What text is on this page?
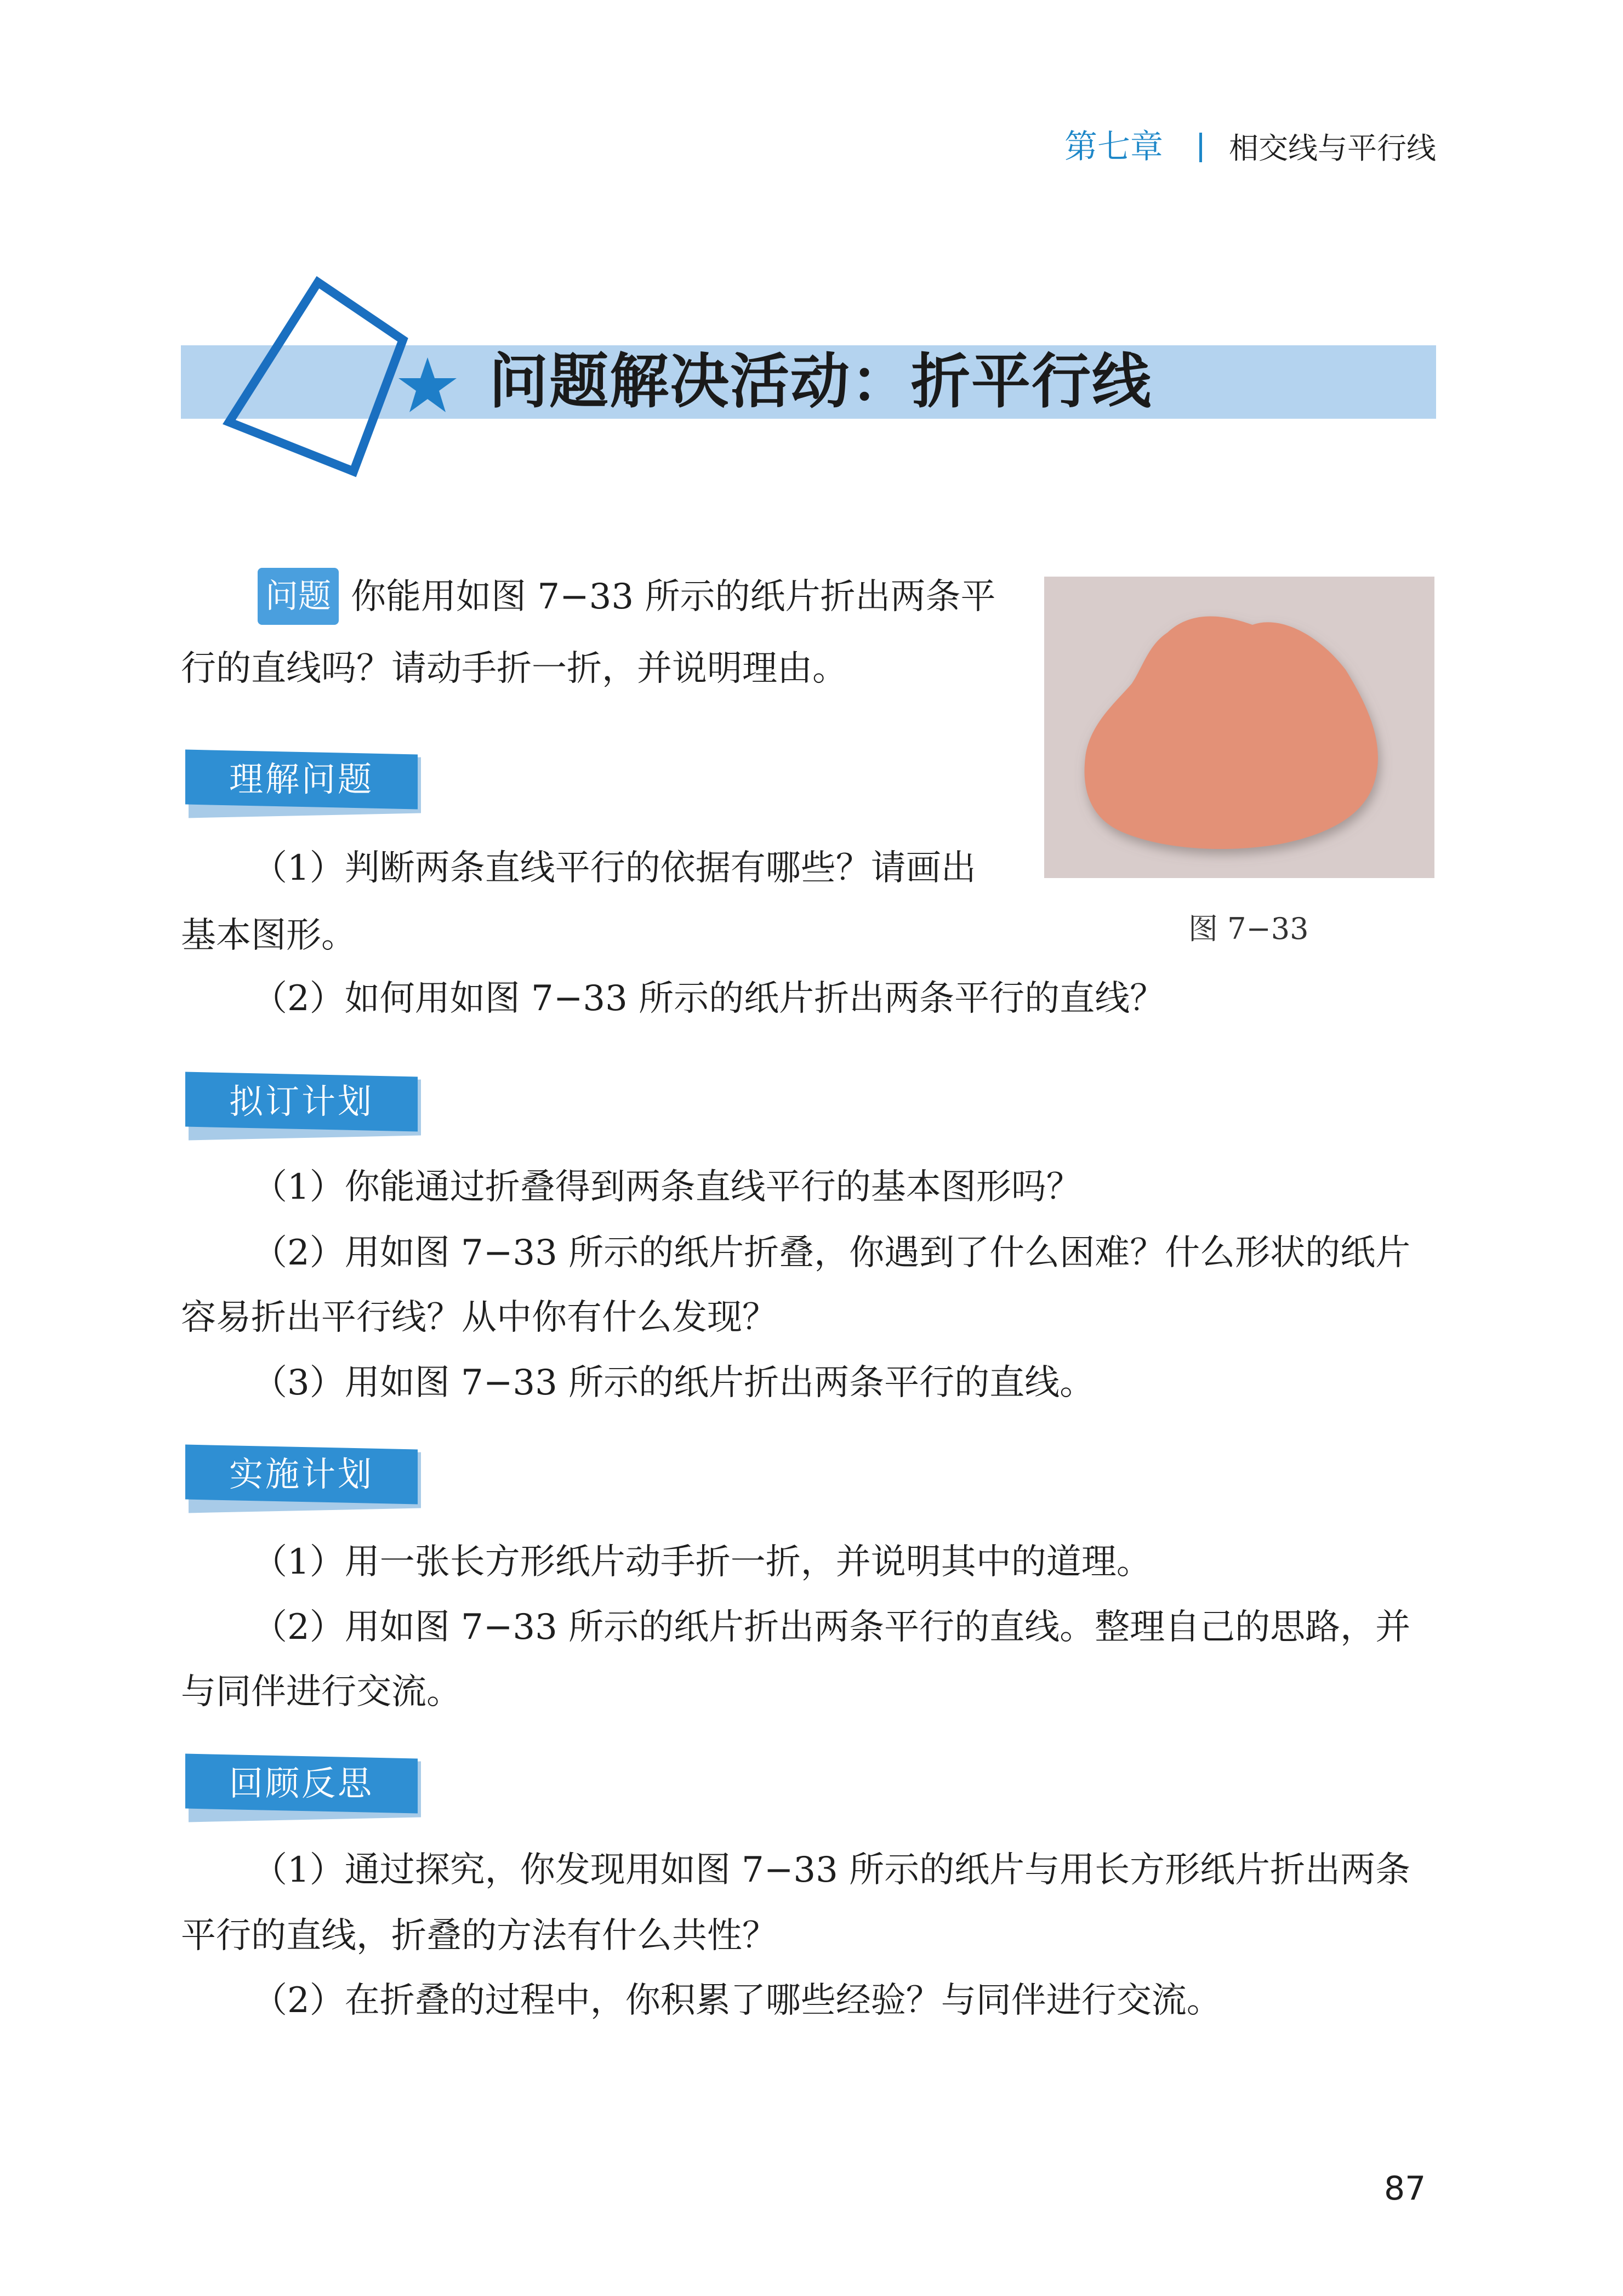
第七章 相交线与平行线
问题解决活动：折平行线
问题 你能用如图 7−33 所示的纸片折出两条平
行的直线吗？请动手折一折，并说明理由。
图 7−33
理解问题
（1）判断两条直线平行的依据有哪些？请画出
基本图形。
（2）如何用如图 7−33 所示的纸片折出两条平行的直线？
拟订计划
（1）你能通过折叠得到两条直线平行的基本图形吗？
（2）用如图 7−33 所示的纸片折叠，你遇到了什么困难？什么形状的纸片
容易折出平行线？从中你有什么发现？
（3）用如图 7−33 所示的纸片折出两条平行的直线。
实施计划
（1）用一张长方形纸片动手折一折，并说明其中的道理。
（2）用如图 7−33 所示的纸片折出两条平行的直线。整理自己的思路，并
与同伴进行交流。
回顾反思
（1）通过探究，你发现用如图 7−33 所示的纸片与用长方形纸片折出两条
平行的直线，折叠的方法有什么共性？
（2）在折叠的过程中，你积累了哪些经验？与同伴进行交流。
87
